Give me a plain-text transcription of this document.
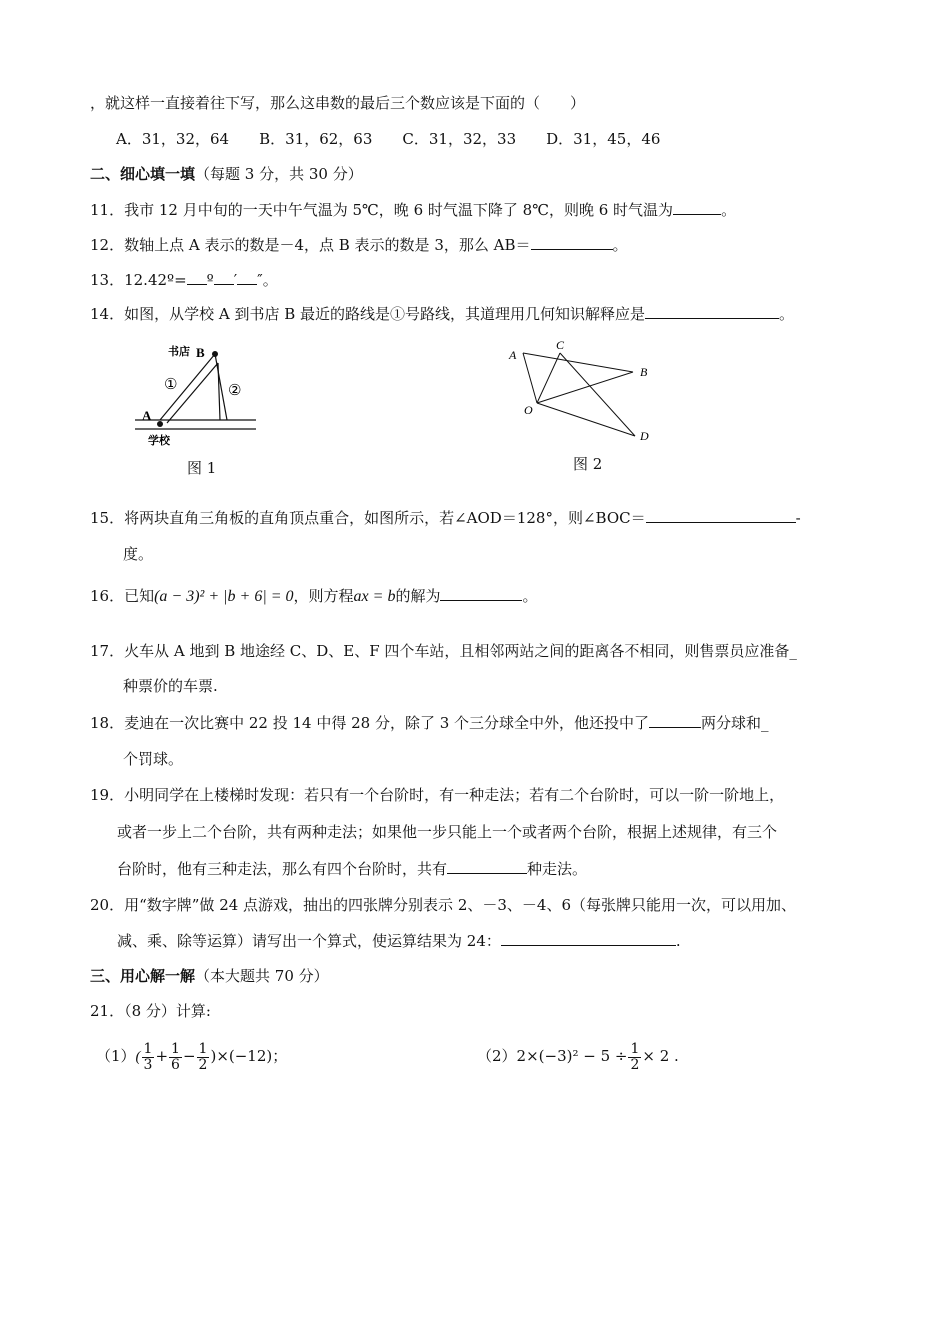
，就这样一直接着往下写，那么这串数的最后三个数应该是下面的（　　）
A．31，32，64　　B．31，62，63　　C．31，32，33　　D．31，45，46
二、细心填一填（每题 3 分，共 30 分）
11．我市 12 月中旬的一天中午气温为 5℃，晚 6 时气温下降了 8℃，则晚 6 时气温为	。
12．数轴上点 A 表示的数是－4，点 B 表示的数是 3，那么 AB＝	。
13．12.42º= º ′ ″。
14．如图，从学校 A 到书店 B 最近的路线是①号路线，其道理用几何知识解释应是	。
书店 B
①	②
A
学校
图 1
A
C
B
O
D
图 2
15．将两块直角三角板的直角顶点重合，如图所示，若∠AOD＝128°，则∠BOC＝	-
度。
16．已知(a − 3)² + |b + 6| = 0，则方程ax = b的解为	。
17．火车从 A 地到 B 地途经 C、D、E、F 四个车站，且相邻两站之间的距离各不相同，则售票员应准备_
种票价的车票.
18．麦迪在一次比赛中 22 投 14 中得 28 分，除了 3 个三分球全中外，他还投中了	两分球和_
个罚球。
19．小明同学在上楼梯时发现：若只有一个台阶时，有一种走法；若有二个台阶时，可以一阶一阶地上，
或者一步上二个台阶，共有两种走法；如果他一步只能上一个或者两个台阶，根据上述规律，有三个
台阶时，他有三种走法，那么有四个台阶时，共有	种走法。
20．用“数字牌”做 24 点游戏，抽出的四张牌分别表示 2、－3、－4、6（每张牌只能用一次，可以用加、
减、乘、除等运算）请写出一个算式，使运算结果为 24：	.
三、用心解一解（本大题共 70 分）
21．（8 分）计算:
$(1)( \frac{1}{3} + \frac{1}{6} - \frac{1}{2} )\times(-12)$；	$(2)2\times(-3)^2 - 5 \div \frac{1}{2} \times 2$ .
